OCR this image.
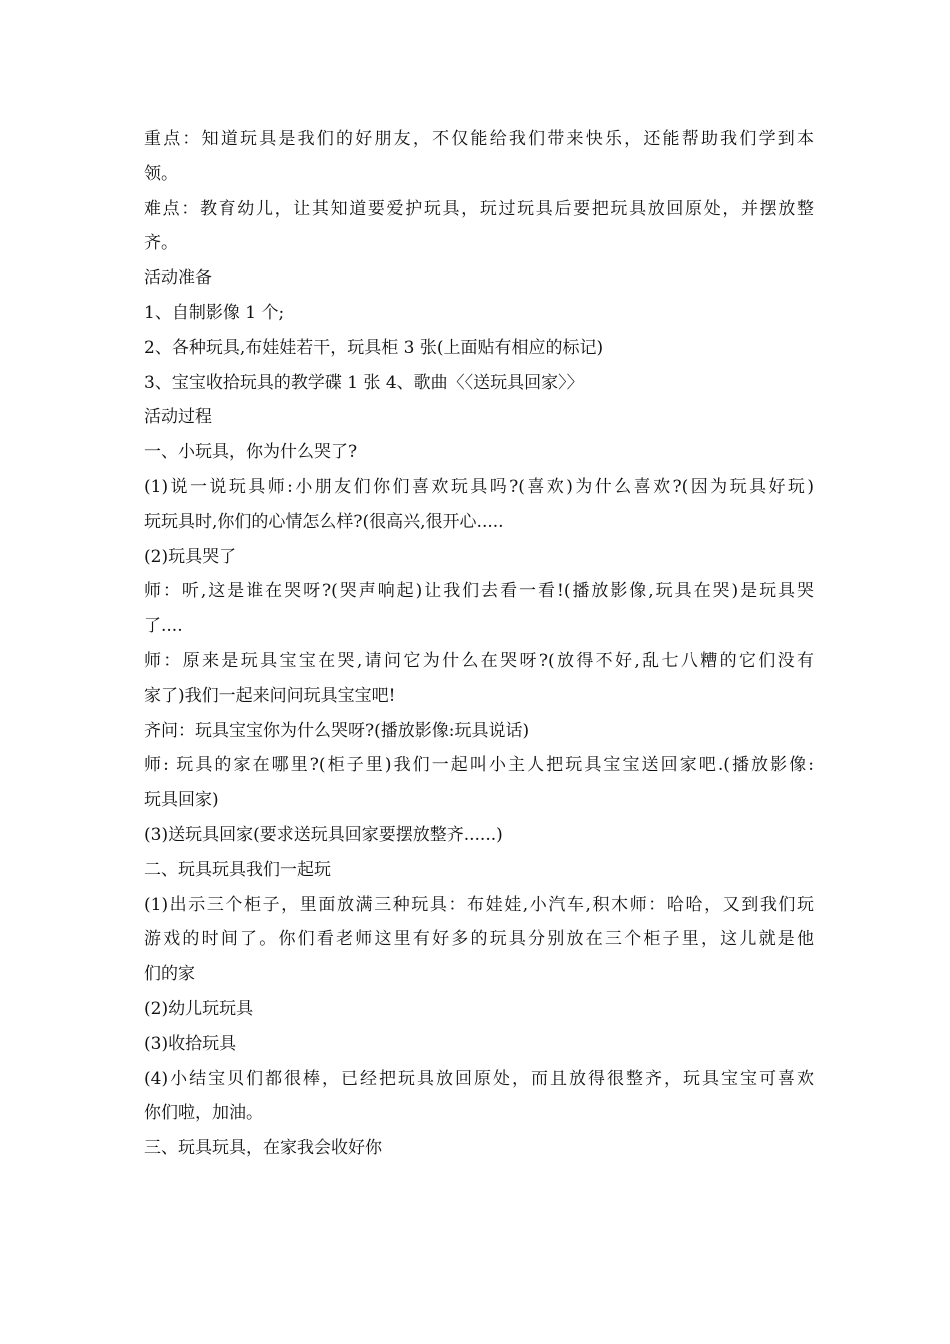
重点：知道玩具是我们的好朋友，不仅能给我们带来快乐，还能帮助我们学到本
领。
难点：教育幼儿，让其知道要爱护玩具，玩过玩具后要把玩具放回原处，并摆放整
齐。
活动准备
1、自制影像 1 个;
2、各种玩具,布娃娃若干，玩具柜 3 张(上面贴有相应的标记)
3、宝宝收拾玩具的教学碟 1 张 4、歌曲〈〈送玩具回家〉〉
活动过程
一、小玩具，你为什么哭了?
(1)说一说玩具师:小朋友们你们喜欢玩具吗?(喜欢)为什么喜欢?(因为玩具好玩)
玩玩具时,你们的心情怎么样?(很高兴,很开心.....
(2)玩具哭了
师：听,这是谁在哭呀?(哭声响起)让我们去看一看!(播放影像,玩具在哭)是玩具哭
了....
师：原来是玩具宝宝在哭,请问它为什么在哭呀?(放得不好,乱七八糟的它们没有
家了)我们一起来问问玩具宝宝吧!
齐问：玩具宝宝你为什么哭呀?(播放影像:玩具说话)
师: 玩具的家在哪里?(柜子里)我们一起叫小主人把玩具宝宝送回家吧.(播放影像:
玩具回家)
(3)送玩具回家(要求送玩具回家要摆放整齐......)
二、玩具玩具我们一起玩
(1)出示三个柜子，里面放满三种玩具：布娃娃,小汽车,积木师：哈哈，又到我们玩
游戏的时间了。你们看老师这里有好多的玩具分别放在三个柜子里，这儿就是他
们的家
(2)幼儿玩玩具
(3)收拾玩具
(4)小结宝贝们都很棒，已经把玩具放回原处，而且放得很整齐，玩具宝宝可喜欢
你们啦，加油。
三、玩具玩具，在家我会收好你
